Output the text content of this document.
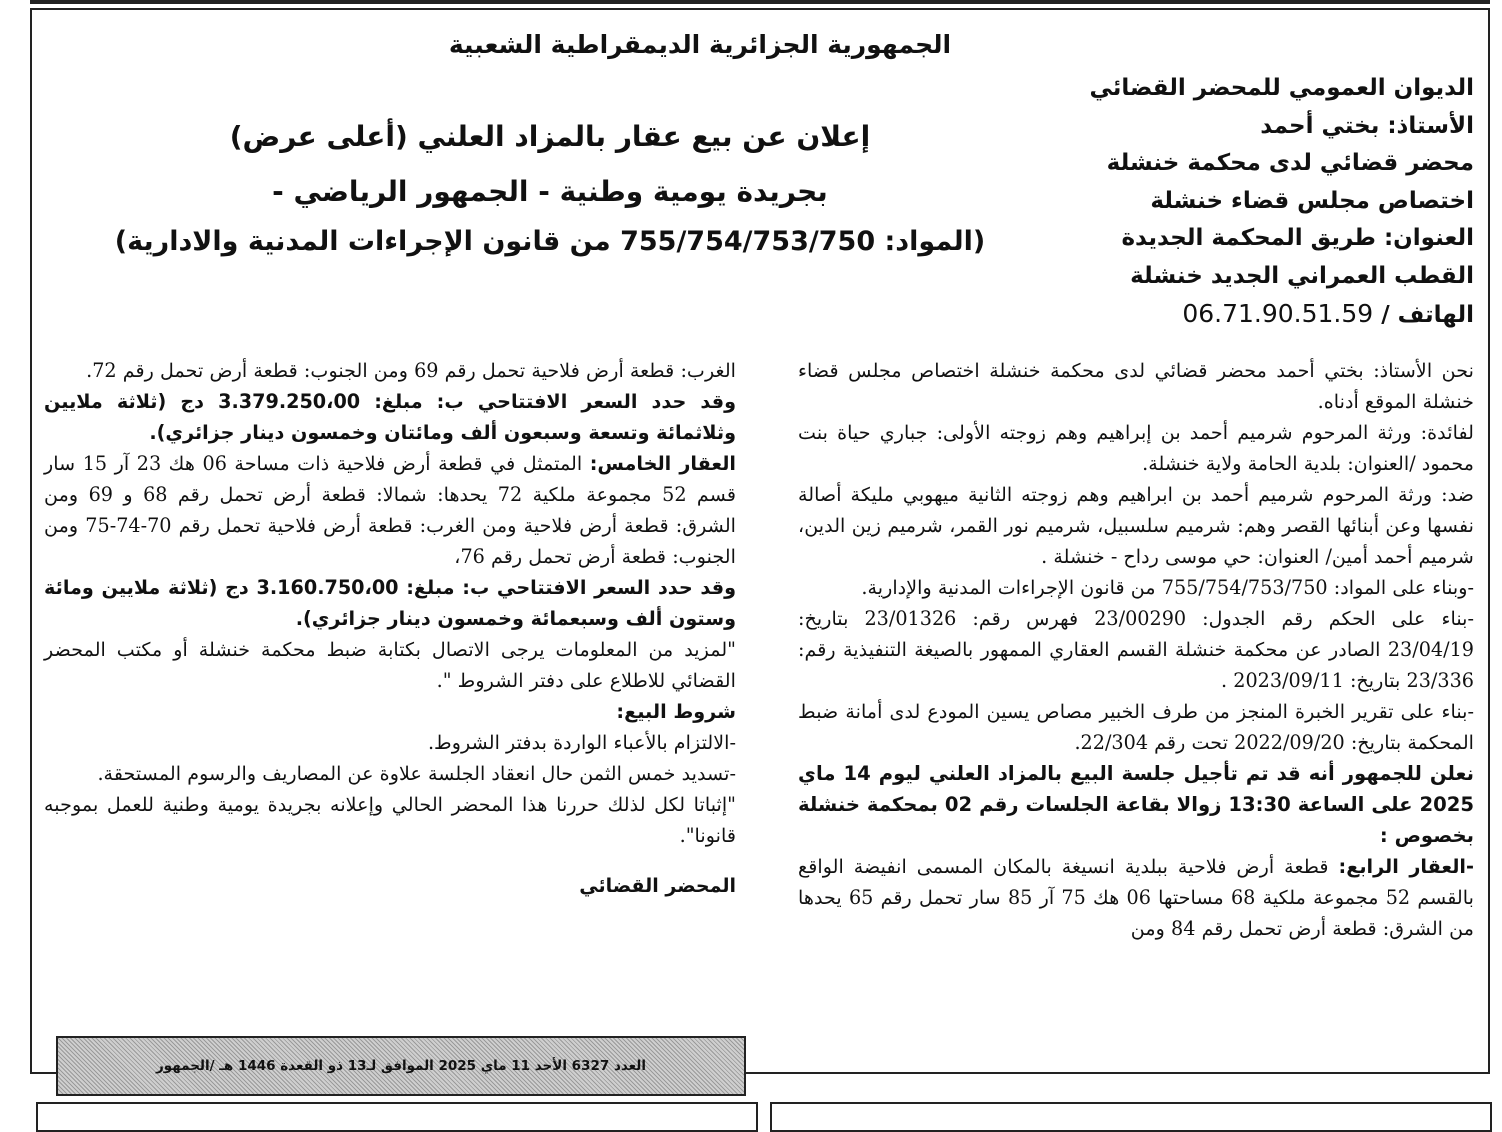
الجمهورية الجزائرية الديمقراطية الشعبية
الديوان العمومي للمحضر القضائي
الأستاذ: بختي أحمد
محضر قضائي لدى محكمة خنشلة
اختصاص مجلس قضاء خنشلة
العنوان: طريق المحكمة الجديدة
القطب العمراني الجديد خنشلة
الهاتف / 06.71.90.51.59
إعلان عن بيع عقار بالمزاد العلني (أعلى عرض)
بجريدة يومية وطنية - الجمهور الرياضي -
(المواد: 755/754/753/750 من قانون الإجراءات المدنية والادارية)

نحن الأستاذ: بختي أحمد محضر قضائي لدى محكمة خنشلة اختصاص مجلس قضاء خنشلة الموقع أدناه.

لفائدة: ورثة المرحوم شرميم أحمد بن إبراهيم وهم زوجته الأولى: جباري حياة بنت محمود /العنوان: بلدية الحامة ولاية خنشلة.

ضد: ورثة المرحوم شرميم أحمد بن ابراهيم وهم زوجته الثانية ميهوبي مليكة أصالة نفسها وعن أبنائها القصر وهم: شرميم سلسبيل، شرميم نور القمر، شرميم زين الدين، شرميم أحمد أمين/ العنوان: حي موسى رداح - خنشلة .

-وبناء على المواد: 755/754/753/750 من قانون الإجراءات المدنية والإدارية.

-بناء على الحكم رقم الجدول: 23/00290 فهرس رقم: 23/01326 بتاريخ: 23/04/19 الصادر عن محكمة خنشلة القسم العقاري الممهور بالصيغة التنفيذية رقم: 23/336 بتاريخ: 2023/09/11 .

-بناء على تقرير الخبرة المنجز من طرف الخبير مصاص يسين المودع لدى أمانة ضبط المحكمة بتاريخ: 2022/09/20 تحت رقم 22/304.

نعلن للجمهور أنه قد تم تأجيل جلسة البيع بالمزاد العلني ليوم 14 ماي 2025 على الساعة 13:30 زوالا بقاعة الجلسات رقم 02 بمحكمة خنشلة بخصوص :

-العقار الرابع: قطعة أرض فلاحية ببلدية انسيغة بالمكان المسمى انفيضة الواقع بالقسم 52 مجموعة ملكية 68 مساحتها 06 هك 75 آر 85 سار تحمل رقم 65 يحدها من الشرق: قطعة أرض تحمل رقم 84 ومن

الغرب: قطعة أرض فلاحية تحمل رقم 69 ومن الجنوب: قطعة أرض تحمل رقم 72.

وقد حدد السعر الافتتاحي ب: مبلغ: 3.379.250،00 دج (ثلاثة ملايين وثلاثمائة وتسعة وسبعون ألف ومائتان وخمسون دينار جزائري).

العقار الخامس: المتمثل في قطعة أرض فلاحية ذات مساحة 06 هك 23 آر 15 سار قسم 52 مجموعة ملكية 72 يحدها: شمالا: قطعة أرض تحمل رقم 68 و 69 ومن الشرق: قطعة أرض فلاحية ومن الغرب: قطعة أرض فلاحية تحمل رقم 70-74-75 ومن الجنوب: قطعة أرض تحمل رقم 76،

وقد حدد السعر الافتتاحي ب: مبلغ: 3.160.750،00 دج (ثلاثة ملايين ومائة وستون ألف وسبعمائة وخمسون دينار جزائري).

"لمزيد من المعلومات يرجى الاتصال بكتابة ضبط محكمة خنشلة أو مكتب المحضر القضائي للاطلاع على دفتر الشروط ".

شروط البيع:

-الالتزام بالأعباء الواردة بدفتر الشروط.

-تسديد خمس الثمن حال انعقاد الجلسة علاوة عن المصاريف والرسوم المستحقة.

"إثباتا لكل لذلك حررنا هذا المحضر الحالي وإعلانه بجريدة يومية وطنية للعمل بموجبه قانونا".

المحضر القضائي
العدد 6327 الأحد 11 ماي 2025 الموافق لـ13 ذو القعدة 1446 هـ /الجمهور
